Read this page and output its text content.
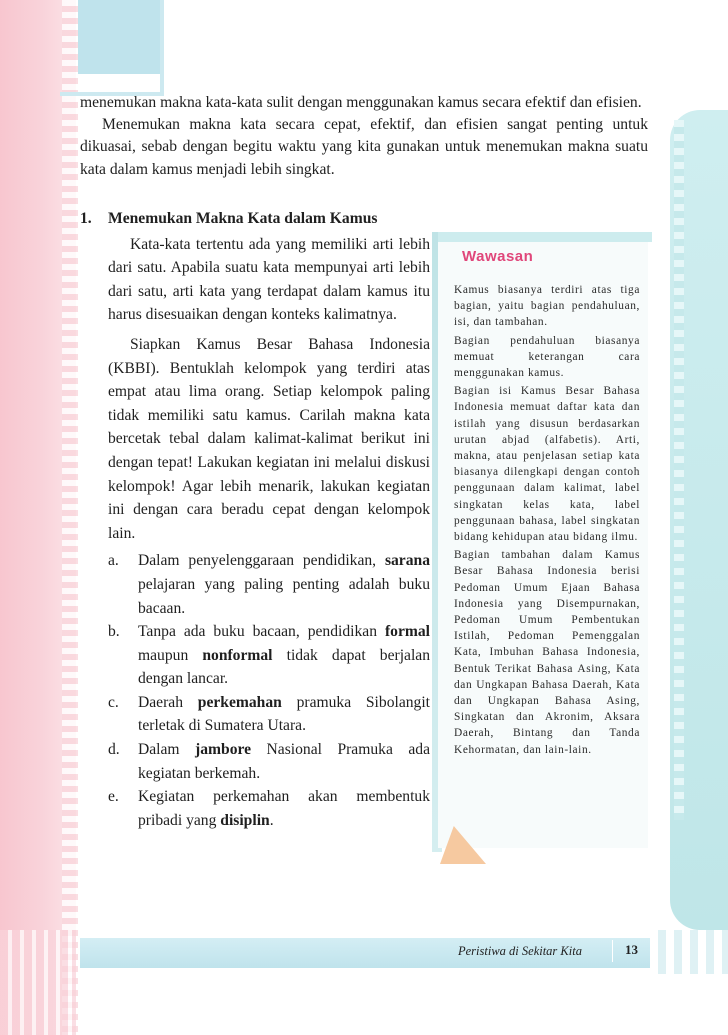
menemukan makna kata-kata sulit dengan menggunakan kamus secara efektif dan efisien.

Menemukan makna kata secara cepat, efektif, dan efisien sangat penting untuk dikuasai, sebab dengan begitu waktu yang kita gunakan untuk menemukan makna suatu kata dalam kamus menjadi lebih singkat.

1.	Menemukan Makna Kata dalam Kamus

Kata-kata tertentu ada yang memiliki arti lebih dari satu. Apabila suatu kata mempunyai arti lebih dari satu, arti kata yang terdapat dalam kamus itu harus disesuaikan dengan konteks kalimatnya.

Siapkan Kamus Besar Bahasa Indonesia (KBBI). Bentuklah kelompok yang terdiri atas empat atau lima orang. Setiap kelompok paling tidak memiliki satu kamus. Carilah makna kata bercetak tebal dalam kalimat-kalimat berikut ini dengan tepat! Lakukan kegiatan ini melalui diskusi kelompok! Agar lebih menarik, lakukan kegiatan ini dengan cara beradu cepat dengan kelompok lain.

a.	Dalam penyelenggaraan pendidikan, sarana pelajaran yang paling penting adalah buku bacaan.
b.	Tanpa ada buku bacaan, pendidikan formal maupun nonformal tidak dapat berjalan dengan lancar.
c.	Daerah perkemahan pramuka Sibolangit terletak di Sumatera Utara.
d.	Dalam jambore Nasional Pramuka ada kegiatan berkemah.
e.	Kegiatan perkemahan akan membentuk pribadi yang disiplin.
Wawasan

Kamus biasanya terdiri atas tiga bagian, yaitu bagian pendahuluan, isi, dan tambahan.

Bagian pendahuluan biasanya memuat keterangan cara menggunakan kamus.

Bagian isi Kamus Besar Bahasa Indonesia memuat daftar kata dan istilah yang disusun berdasarkan urutan abjad (alfabetis). Arti, makna, atau penjelasan setiap kata biasanya dilengkapi dengan contoh penggunaan dalam kalimat, label singkatan kelas kata, label penggunaan bahasa, label singkatan bidang kehidupan atau bidang ilmu.

Bagian tambahan dalam Kamus Besar Bahasa Indonesia berisi Pedoman Umum Ejaan Bahasa Indonesia yang Disempurnakan, Pedoman Umum Pembentukan Istilah, Pedoman Pemenggalan Kata, Imbuhan Bahasa Indonesia, Bentuk Terikat Bahasa Asing, Kata dan Ungkapan Bahasa Daerah, Kata dan Ungkapan Bahasa Asing, Singkatan dan Akronim, Aksara Daerah, Bintang dan Tanda Kehormatan, dan lain-lain.

Peristiwa di Sekitar Kita	13
